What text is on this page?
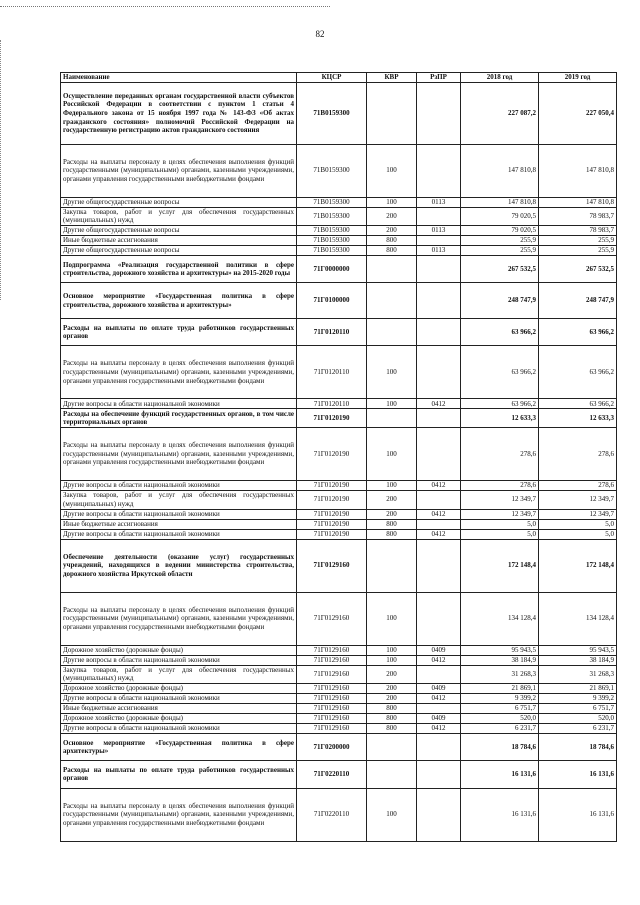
82
Наименование	КЦСР	КВР	РзПР	2018 год	2019 год
Осуществление переданных органам государственной власти субъектов Российской Федерации в соответствии с пунктом 1 статьи 4 Федерального закона от 15 ноября 1997 года № 143-ФЗ «Об актах гражданского состояния» полномочий Российской Федерации на государственную регистрацию актов гражданского состояния	71В0159300			227 087,2	227 050,4
Расходы на выплаты персоналу в целях обеспечения выполнения функций государственными (муниципальными) органами, казенными учреждениями, органами управления государственными внебюджетными фондами	71В0159300	100		147 810,8	147 810,8
Другие общегосударственные вопросы	71В0159300	100	0113	147 810,8	147 810,8
Закупка товаров, работ и услуг для обеспечения государственных (муниципальных) нужд	71В0159300	200		79 020,5	78 983,7
Другие общегосударственные вопросы	71В0159300	200	0113	79 020,5	78 983,7
Иные бюджетные ассигнования	71В0159300	800		255,9	255,9
Другие общегосударственные вопросы	71В0159300	800	0113	255,9	255,9
Подпрограмма «Реализация государственной политики в сфере строительства, дорожного хозяйства и архитектуры» на 2015-2020 годы	71Г0000000			267 532,5	267 532,5
Основное мероприятие «Государственная политика в сфере строительства, дорожного хозяйства и архитектуры»	71Г0100000			248 747,9	248 747,9
Расходы на выплаты по оплате труда работников государственных органов	71Г0120110			63 966,2	63 966,2
Расходы на выплаты персоналу в целях обеспечения выполнения функций государственными (муниципальными) органами, казенными учреждениями, органами управления государственными внебюджетными фондами	71Г0120110	100		63 966,2	63 966,2
Другие вопросы в области национальной экономики	71Г0120110	100	0412	63 966,2	63 966,2
Расходы на обеспечение функций государственных органов, в том числе территориальных органов	71Г0120190			12 633,3	12 633,3
Расходы на выплаты персоналу в целях обеспечения выполнения функций государственными (муниципальными) органами, казенными учреждениями, органами управления государственными внебюджетными фондами	71Г0120190	100		278,6	278,6
Другие вопросы в области национальной экономики	71Г0120190	100	0412	278,6	278,6
Закупка товаров, работ и услуг для обеспечения государственных (муниципальных) нужд	71Г0120190	200		12 349,7	12 349,7
Другие вопросы в области национальной экономики	71Г0120190	200	0412	12 349,7	12 349,7
Иные бюджетные ассигнования	71Г0120190	800		5,0	5,0
Другие вопросы в области национальной экономики	71Г0120190	800	0412	5,0	5,0
Обеспечение деятельности (оказание услуг) государственных учреждений, находящихся в ведении министерства строительства, дорожного хозяйства Иркутской области	71Г0129160			172 148,4	172 148,4
Расходы на выплаты персоналу в целях обеспечения выполнения функций государственными (муниципальными) органами, казенными учреждениями, органами управления государственными внебюджетными фондами	71Г0129160	100		134 128,4	134 128,4
Дорожное хозяйство (дорожные фонды)	71Г0129160	100	0409	95 943,5	95 943,5
Другие вопросы в области национальной экономики	71Г0129160	100	0412	38 184,9	38 184,9
Закупка товаров, работ и услуг для обеспечения государственных (муниципальных) нужд	71Г0129160	200		31 268,3	31 268,3
Дорожное хозяйство (дорожные фонды)	71Г0129160	200	0409	21 869,1	21 869,1
Другие вопросы в области национальной экономики	71Г0129160	200	0412	9 399,2	9 399,2
Иные бюджетные ассигнования	71Г0129160	800		6 751,7	6 751,7
Дорожное хозяйство (дорожные фонды)	71Г0129160	800	0409	520,0	520,0
Другие вопросы в области национальной экономики	71Г0129160	800	0412	6 231,7	6 231,7
Основное мероприятие «Государственная политика в сфере архитектуры»	71Г0200000			18 784,6	18 784,6
Расходы на выплаты по оплате труда работников государственных органов	71Г0220110			16 131,6	16 131,6
Расходы на выплаты персоналу в целях обеспечения выполнения функций государственными (муниципальными) органами, казенными учреждениями, органами управления государственными внебюджетными фондами	71Г0220110	100		16 131,6	16 131,6
